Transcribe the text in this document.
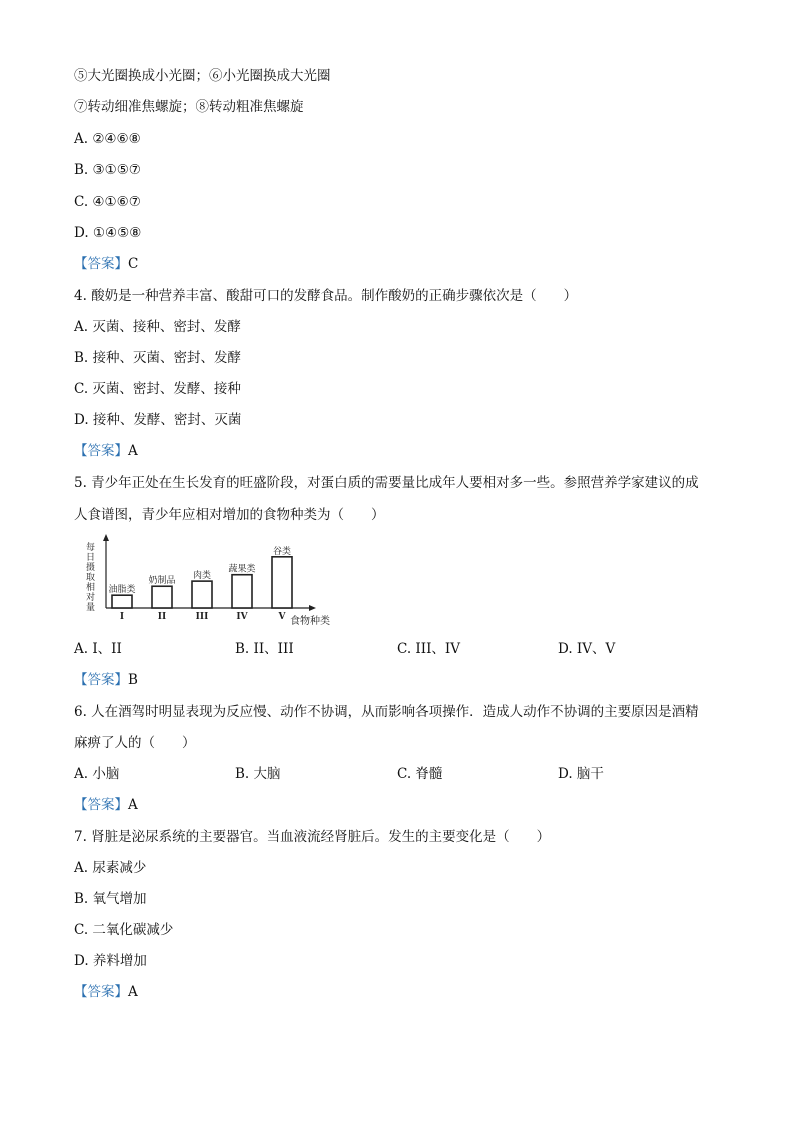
⑤大光圈换成小光圈；⑥小光圈换成大光圈
⑦转动细准焦螺旋；⑧转动粗准焦螺旋
A. ②④⑥⑧
B. ③①⑤⑦
C. ④①⑥⑦
D. ①④⑤⑧
【答案】C
4. 酸奶是一种营养丰富、酸甜可口的发酵食品。制作酸奶的正确步骤依次是（　　）
A. 灭菌、接种、密封、发酵
B. 接种、灭菌、密封、发酵
C. 灭菌、密封、发酵、接种
D. 接种、发酵、密封、灭菌
【答案】A
5. 青少年正处在生长发育的旺盛阶段，对蛋白质的需要量比成年人要相对多一些。参照营养学家建议的成
人食谱图，青少年应相对增加的食物种类为（　　）
每日摄取相对量
食物种类
油脂类
I
奶制品
II
肉类
III
蔬果类
IV
谷类
V
A. I、II	B. II、III	C. III、IV	D. IV、V
【答案】B
6. 人在酒驾时明显表现为反应慢、动作不协调，从而影响各项操作．造成人动作不协调的主要原因是酒精
麻痹了人的（　　）
A. 小脑	B. 大脑	C. 脊髓	D. 脑干
【答案】A
7. 肾脏是泌尿系统的主要器官。当血液流经肾脏后。发生的主要变化是（　　）
A. 尿素减少
B. 氧气增加
C. 二氧化碳减少
D. 养料增加
【答案】A
